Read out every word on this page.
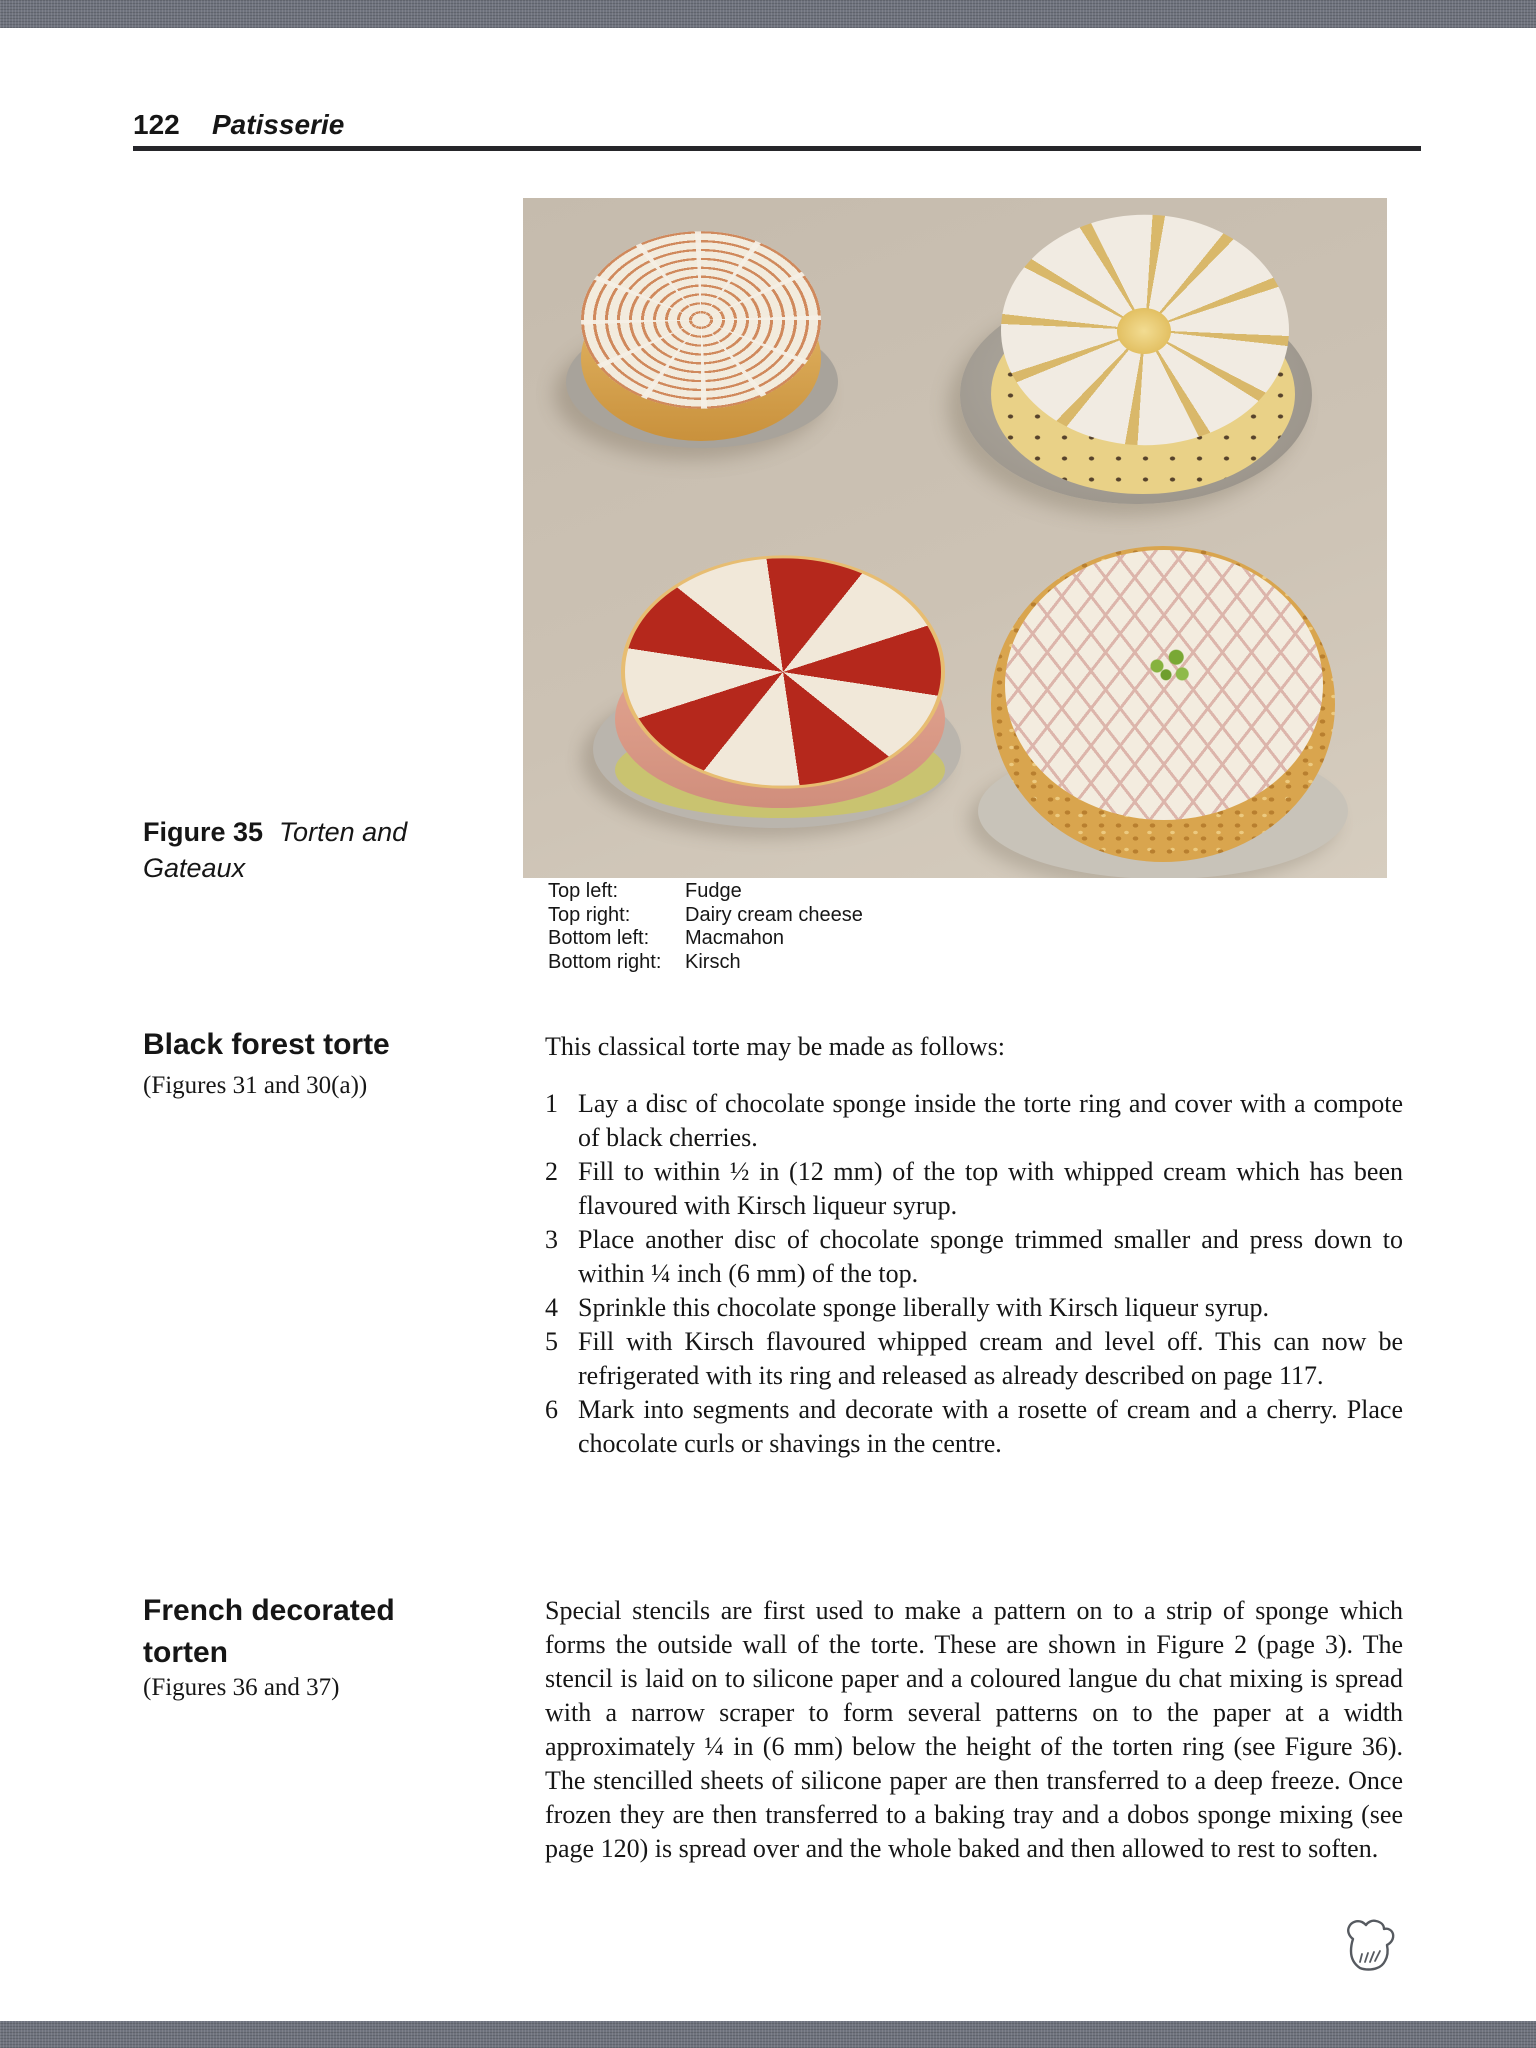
122 Patisserie
Figure 35 Torten and Gateaux
Top left:	Fudge
Top right:	Dairy cream cheese
Bottom left: Macmahon
Bottom right: Kirsch
Black forest torte
(Figures 31 and 30(a))

This classical torte may be made as follows:

1 Lay a disc of chocolate sponge inside the torte ring and cover with a compote of black cherries.

2 Fill to within ½ in (12 mm) of the top with whipped cream which has been flavoured with Kirsch liqueur syrup.

3 Place another disc of chocolate sponge trimmed smaller and press down to within ¼ inch (6 mm) of the top.

4 Sprinkle this chocolate sponge liberally with Kirsch liqueur syrup.

5 Fill with Kirsch flavoured whipped cream and level off. This can now be refrigerated with its ring and released as already described on page 117.

6 Mark into segments and decorate with a rosette of cream and a cherry. Place chocolate curls or shavings in the centre.

French decorated torten
(Figures 36 and 37)

Special stencils are first used to make a pattern on to a strip of sponge which forms the outside wall of the torte. These are shown in Figure 2 (page 3). The stencil is laid on to silicone paper and a coloured langue du chat mixing is spread with a narrow scraper to form several patterns on to the paper at a width approximately ¼ in (6 mm) below the height of the torten ring (see Figure 36). The stencilled sheets of silicone paper are then transferred to a deep freeze. Once frozen they are then transferred to a baking tray and a dobos sponge mixing (see page 120) is spread over and the whole baked and then allowed to rest to soften.
